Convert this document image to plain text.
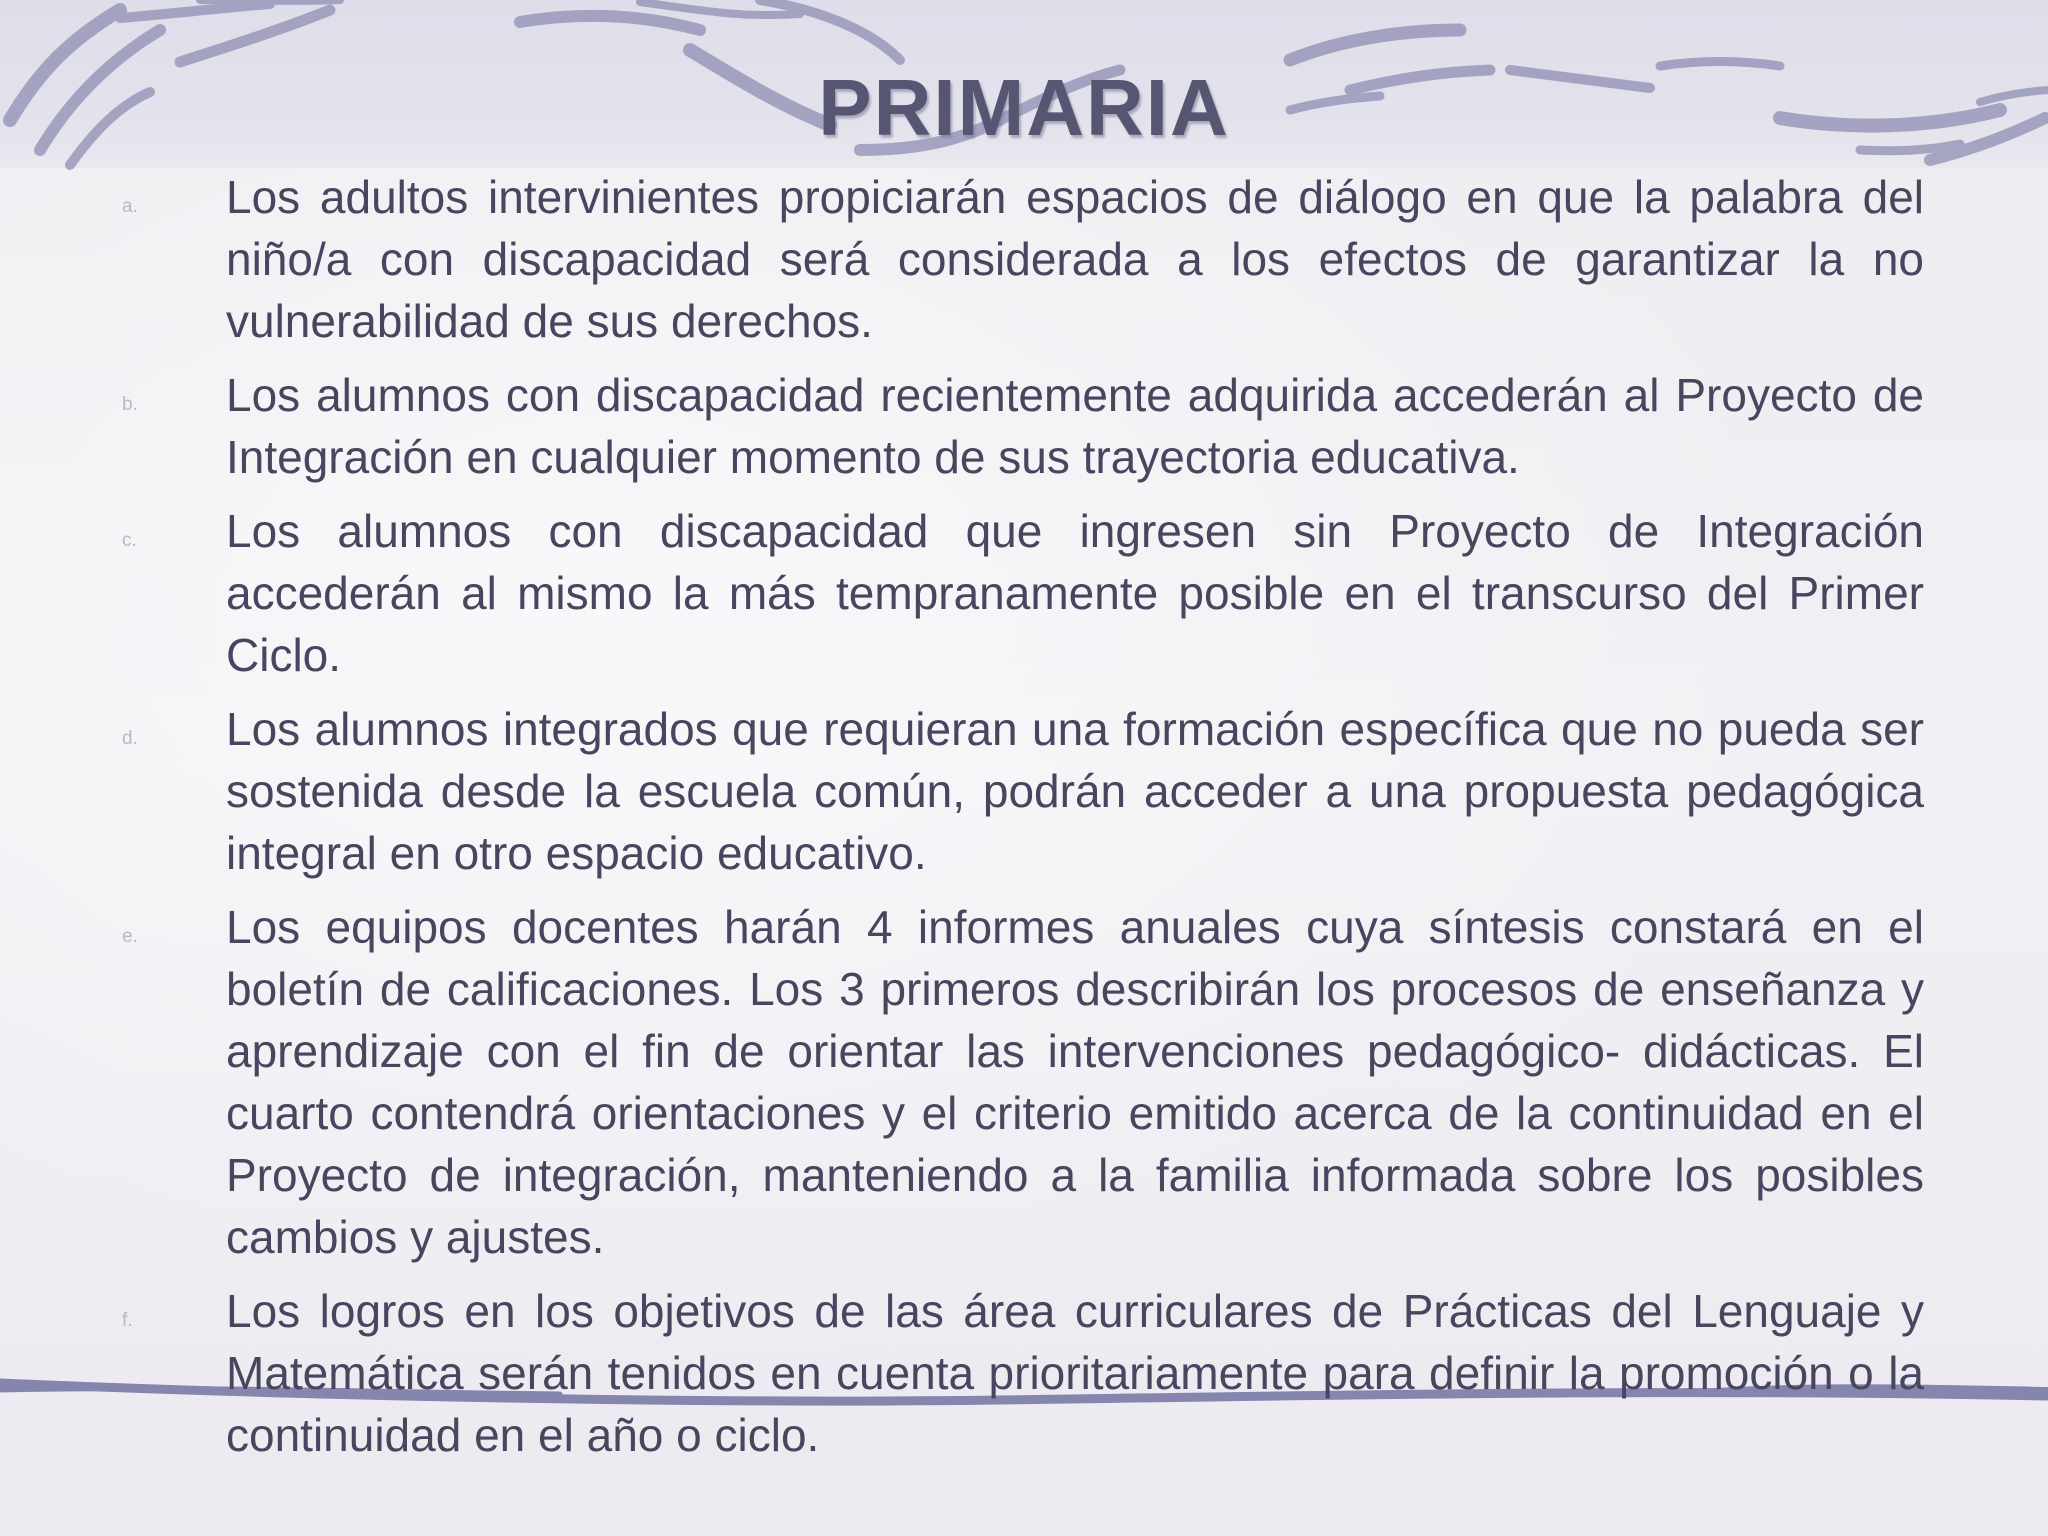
PRIMARIA
a. Los adultos intervinientes propiciarán espacios de diálogo en que la palabra del niño/a con discapacidad será considerada a los efectos de garantizar la no vulnerabilidad de sus derechos.
b. Los alumnos con discapacidad recientemente adquirida accederán al Proyecto de Integración en cualquier momento de sus trayectoria educativa.
c. Los alumnos con discapacidad que ingresen sin Proyecto de Integración accederán al mismo la más tempranamente posible en el transcurso del Primer Ciclo.
d. Los alumnos integrados que requieran una formación específica que no pueda ser sostenida desde la escuela común, podrán acceder a una propuesta pedagógica integral en otro espacio educativo.
e. Los equipos docentes harán 4 informes anuales cuya síntesis constará en el boletín de calificaciones. Los 3 primeros describirán los procesos de enseñanza y aprendizaje con el fin de orientar las intervenciones pedagógico- didácticas. El cuarto contendrá orientaciones y el criterio emitido acerca de la continuidad en el Proyecto de integración, manteniendo a la familia informada sobre los posibles cambios y ajustes.
f. Los logros en los objetivos de las área curriculares de Prácticas del Lenguaje y Matemática serán tenidos en cuenta prioritariamente para definir la promoción o la continuidad en el año o ciclo.
